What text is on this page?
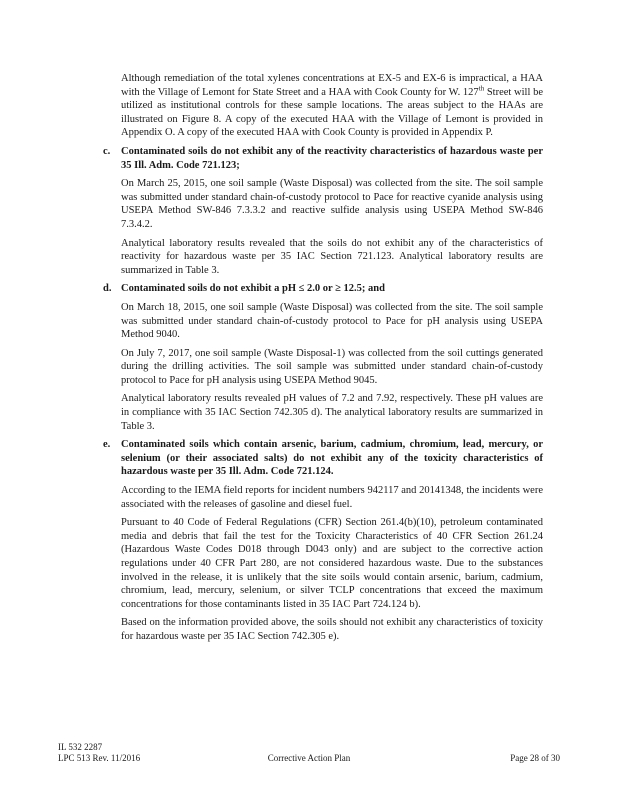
Although remediation of the total xylenes concentrations at EX-5 and EX-6 is impractical, a HAA with the Village of Lemont for State Street and a HAA with Cook County for W. 127th Street will be utilized as institutional controls for these sample locations. The areas subject to the HAAs are illustrated on Figure 8. A copy of the executed HAA with the Village of Lemont is provided in Appendix O. A copy of the executed HAA with Cook County is provided in Appendix P.

c. Contaminated soils do not exhibit any of the reactivity characteristics of hazardous waste per 35 Ill. Adm. Code 721.123;

On March 25, 2015, one soil sample (Waste Disposal) was collected from the site. The soil sample was submitted under standard chain-of-custody protocol to Pace for reactive cyanide analysis using USEPA Method SW-846 7.3.3.2 and reactive sulfide analysis using USEPA Method SW-846 7.3.4.2.

Analytical laboratory results revealed that the soils do not exhibit any of the characteristics of reactivity for hazardous waste per 35 IAC Section 721.123. Analytical laboratory results are summarized in Table 3.

d. Contaminated soils do not exhibit a pH ≤ 2.0 or ≥ 12.5; and

On March 18, 2015, one soil sample (Waste Disposal) was collected from the site. The soil sample was submitted under standard chain-of-custody protocol to Pace for pH analysis using USEPA Method 9040.

On July 7, 2017, one soil sample (Waste Disposal-1) was collected from the soil cuttings generated during the drilling activities. The soil sample was submitted under standard chain-of-custody protocol to Pace for pH analysis using USEPA Method 9045.

Analytical laboratory results revealed pH values of 7.2 and 7.92, respectively. These pH values are in compliance with 35 IAC Section 742.305 d). The analytical laboratory results are summarized in Table 3.

e. Contaminated soils which contain arsenic, barium, cadmium, chromium, lead, mercury, or selenium (or their associated salts) do not exhibit any of the toxicity characteristics of hazardous waste per 35 Ill. Adm. Code 721.124.

According to the IEMA field reports for incident numbers 942117 and 20141348, the incidents were associated with the releases of gasoline and diesel fuel.

Pursuant to 40 Code of Federal Regulations (CFR) Section 261.4(b)(10), petroleum contaminated media and debris that fail the test for the Toxicity Characteristics of 40 CFR Section 261.24 (Hazardous Waste Codes D018 through D043 only) and are subject to the corrective action regulations under 40 CFR Part 280, are not considered hazardous waste. Due to the substances involved in the release, it is unlikely that the site soils would contain arsenic, barium, cadmium, chromium, lead, mercury, selenium, or silver TCLP concentrations that exceed the maximum concentrations for those contaminants listed in 35 IAC Part 724.124 b).

Based on the information provided above, the soils should not exhibit any characteristics of toxicity for hazardous waste per 35 IAC Section 742.305 e).

IL 532 2287
LPC 513 Rev. 11/2016	Corrective Action Plan	Page 28 of 30
